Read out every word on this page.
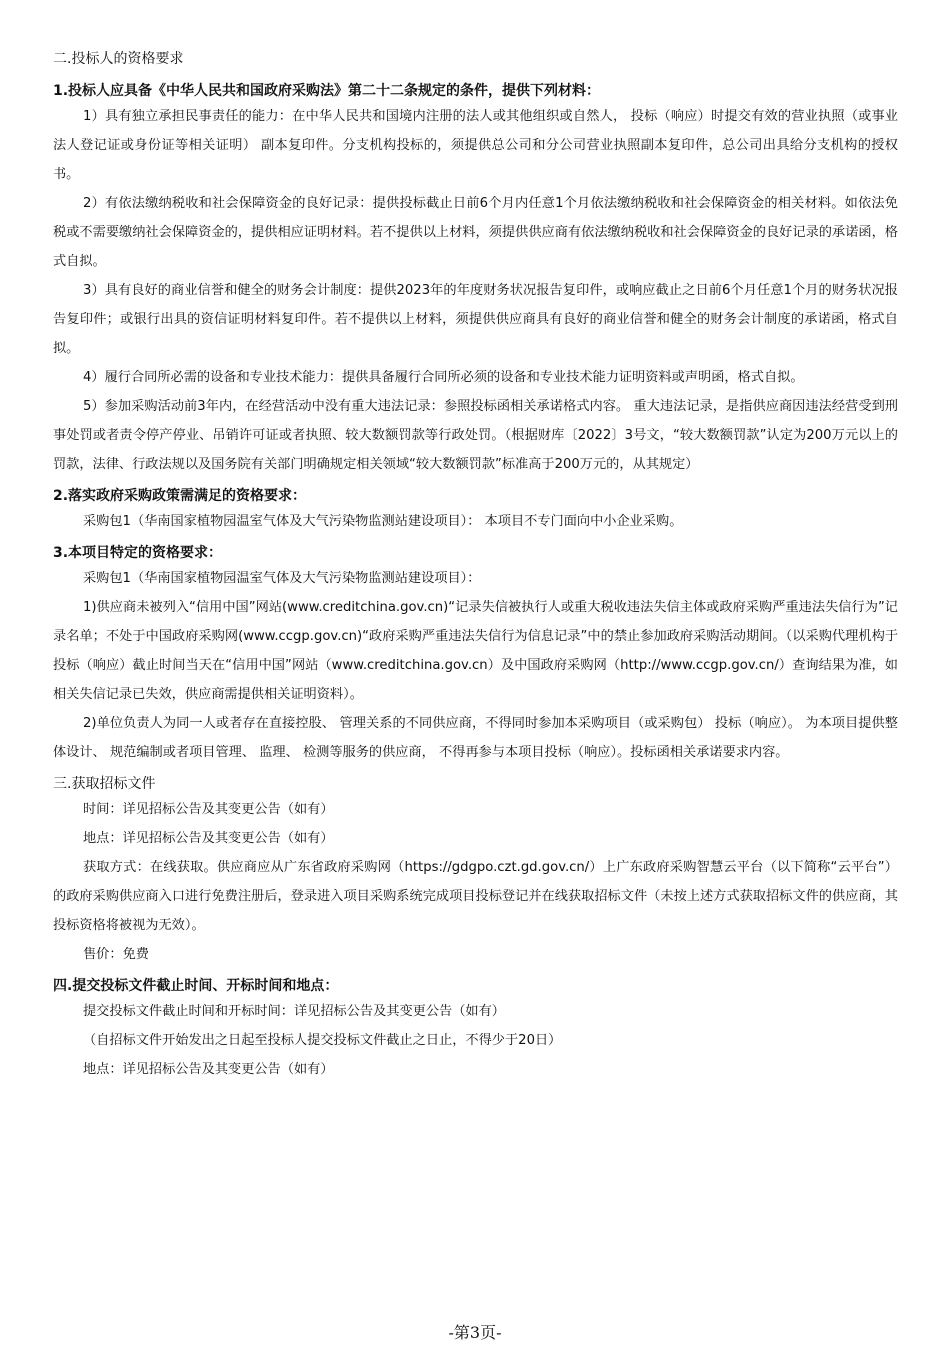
二.投标人的资格要求

1.投标人应具备《中华人民共和国政府采购法》第二十二条规定的条件，提供下列材料：

1）具有独立承担民事责任的能力：在中华人民共和国境内注册的法人或其他组织或自然人， 投标（响应）时提交有效的营业执照（或事业法人登记证或身份证等相关证明） 副本复印件。分支机构投标的，须提供总公司和分公司营业执照副本复印件，总公司出具给分支机构的授权书。

2）有依法缴纳税收和社会保障资金的良好记录：提供投标截止日前6个月内任意1个月依法缴纳税收和社会保障资金的相关材料。如依法免税或不需要缴纳社会保障资金的，提供相应证明材料。若不提供以上材料，须提供供应商有依法缴纳税收和社会保障资金的良好记录的承诺函，格式自拟。

3）具有良好的商业信誉和健全的财务会计制度：提供2023年的年度财务状况报告复印件，或响应截止之日前6个月任意1个月的财务状况报告复印件；或银行出具的资信证明材料复印件。若不提供以上材料，须提供供应商具有良好的商业信誉和健全的财务会计制度的承诺函，格式自拟。

4）履行合同所必需的设备和专业技术能力：提供具备履行合同所必须的设备和专业技术能力证明资料或声明函，格式自拟。

5）参加采购活动前3年内，在经营活动中没有重大违法记录：参照投标函相关承诺格式内容。 重大违法记录，是指供应商因违法经营受到刑事处罚或者责令停产停业、吊销许可证或者执照、较大数额罚款等行政处罚。（根据财库〔2022〕3号文，“较大数额罚款”认定为200万元以上的罚款，法律、行政法规以及国务院有关部门明确规定相关领域“较大数额罚款”标准高于200万元的，从其规定）

2.落实政府采购政策需满足的资格要求：

采购包1（华南国家植物园温室气体及大气污染物监测站建设项目）： 本项目不专门面向中小企业采购。

3.本项目特定的资格要求：

采购包1（华南国家植物园温室气体及大气污染物监测站建设项目）：

1)供应商未被列入“信用中国”网站(www.creditchina.gov.cn)“记录失信被执行人或重大税收违法失信主体或政府采购严重违法失信行为”记录名单；不处于中国政府采购网(www.ccgp.gov.cn)“政府采购严重违法失信行为信息记录”中的禁止参加政府采购活动期间。（以采购代理机构于投标（响应）截止时间当天在“信用中国”网站（www.creditchina.gov.cn）及中国政府采购网（http://www.ccgp.gov.cn/）查询结果为准，如相关失信记录已失效，供应商需提供相关证明资料）。

2)单位负责人为同一人或者存在直接控股、 管理关系的不同供应商，不得同时参加本采购项目（或采购包） 投标（响应）。 为本项目提供整体设计、 规范编制或者项目管理、 监理、 检测等服务的供应商， 不得再参与本项目投标（响应）。投标函相关承诺要求内容。

三.获取招标文件

时间：详见招标公告及其变更公告（如有）

地点：详见招标公告及其变更公告（如有）

获取方式：在线获取。供应商应从广东省政府采购网（https://gdgpo.czt.gd.gov.cn/）上广东政府采购智慧云平台（以下简称“云平台”）的政府采购供应商入口进行免费注册后，登录进入项目采购系统完成项目投标登记并在线获取招标文件（未按上述方式获取招标文件的供应商，其投标资格将被视为无效）。

售价：免费

四.提交投标文件截止时间、开标时间和地点：

提交投标文件截止时间和开标时间：详见招标公告及其变更公告（如有）

（自招标文件开始发出之日起至投标人提交投标文件截止之日止，不得少于20日）

地点：详见招标公告及其变更公告（如有）

-第3页-
